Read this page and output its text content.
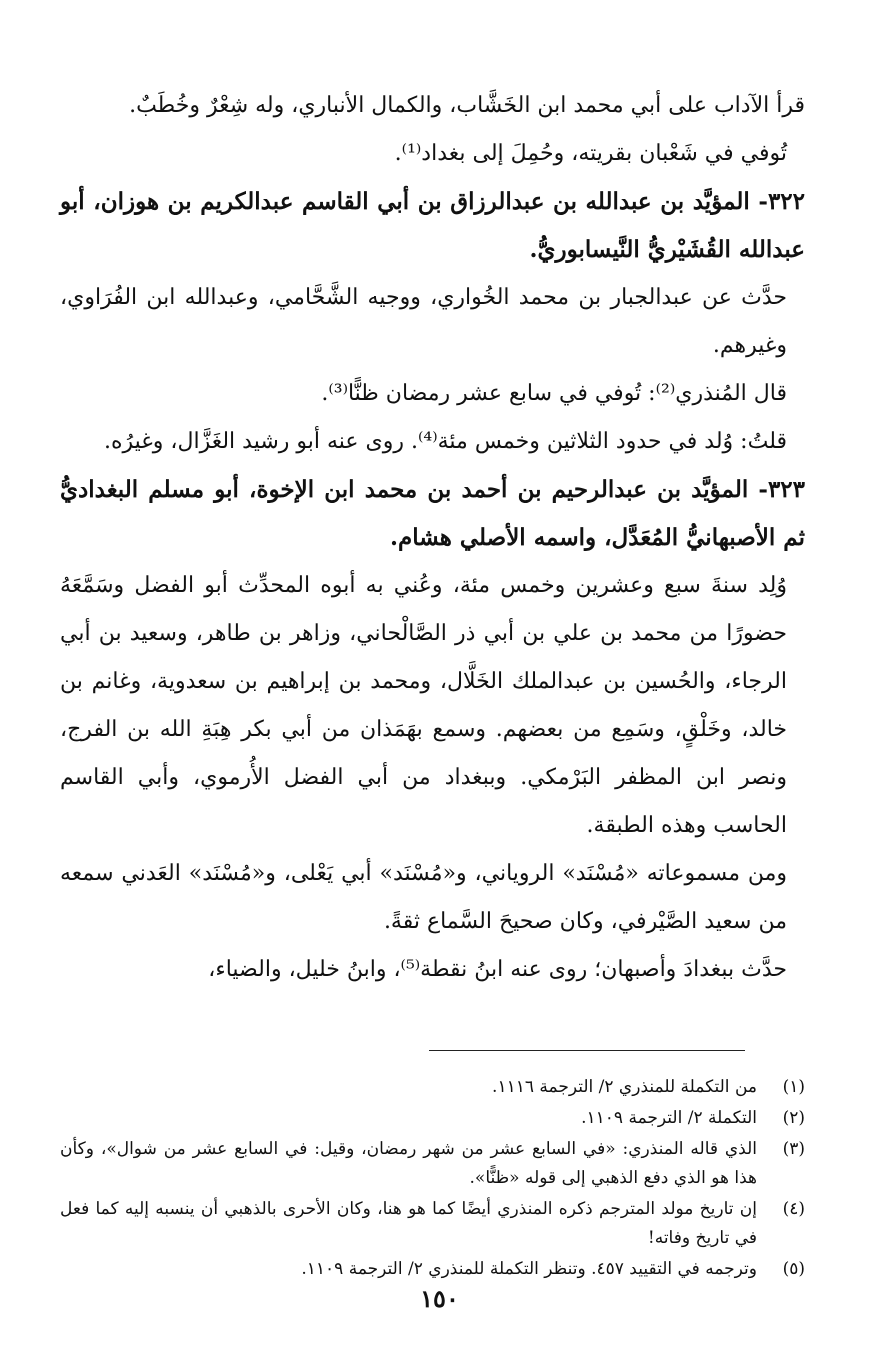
قرأ الآداب على أبي محمد ابن الخَشَّاب، والكمال الأنباري، وله شِعْرٌ وخُطَبٌ.

تُوفي في شَعْبان بقريته، وحُمِلَ إلى بغداد⁽¹⁾.

٣٢٢- المؤيَّد بن عبدالله بن عبدالرزاق بن أبي القاسم عبدالكريم بن هوزان، أبو عبدالله القُشَيْريُّ النَّيسابوريُّ.

حدَّث عن عبدالجبار بن محمد الخُواري، ووجيه الشَّحَّامي، وعبدالله ابن الفُرَاوي، وغيرهم.

قال المُنذري⁽²⁾: تُوفي في سابع عشر رمضان ظنًّا⁽³⁾.

قلتُ: وُلد في حدود الثلاثين وخمس مئة⁽⁴⁾. روى عنه أبو رشيد الغَزَّال، وغيرُه.

٣٢٣- المؤيَّد بن عبدالرحيم بن أحمد بن محمد ابن الإخوة، أبو مسلم البغداديُّ ثم الأصبهانيُّ المُعَدَّل، واسمه الأصلي هشام.

وُلِد سنةَ سبع وعشرين وخمس مئة، وعُني به أبوه المحدِّث أبو الفضل وسَمَّعَهُ حضورًا من محمد بن علي بن أبي ذر الصَّالْحاني، وزاهر بن طاهر، وسعيد بن أبي الرجاء، والحُسين بن عبدالملك الخَلَّال، ومحمد بن إبراهيم بن سعدوية، وغانم بن خالد، وخَلْقٍ، وسَمِع من بعضهم. وسمع بهَمَذان من أبي بكر هِبَةِ الله بن الفرج، ونصر ابن المظفر البَرْمكي. وببغداد من أبي الفضل الأُرموي، وأبي القاسم الحاسب وهذه الطبقة.

ومن مسموعاته «مُسْنَد» الروياني، و«مُسْنَد» أبي يَعْلى، و«مُسْنَد» العَدني سمعه من سعيد الصَّيْرفي، وكان صحيحَ السَّماع ثقةً.

حدَّث ببغدادَ وأصبهان؛ روى عنه ابنُ نقطة⁽⁵⁾، وابنُ خليل، والضياء،

(١)
من التكملة للمنذري ٢/ الترجمة ١١١٦.
(٢)
التكملة ٢/ الترجمة ١١٠٩.
(٣)
الذي قاله المنذري: «في السابع عشر من شهر رمضان، وقيل: في السابع عشر من شوال»، وكأن هذا هو الذي دفع الذهبي إلى قوله «ظنًّا».
(٤)
إن تاريخ مولد المترجم ذكره المنذري أيضًا كما هو هنا، وكان الأحرى بالذهبي أن ينسبه إليه كما فعل في تاريخ وفاته!
(٥)
وترجمه في التقييد ٤٥٧. وتنظر التكملة للمنذري ٢/ الترجمة ١١٠٩.
١٥٠
